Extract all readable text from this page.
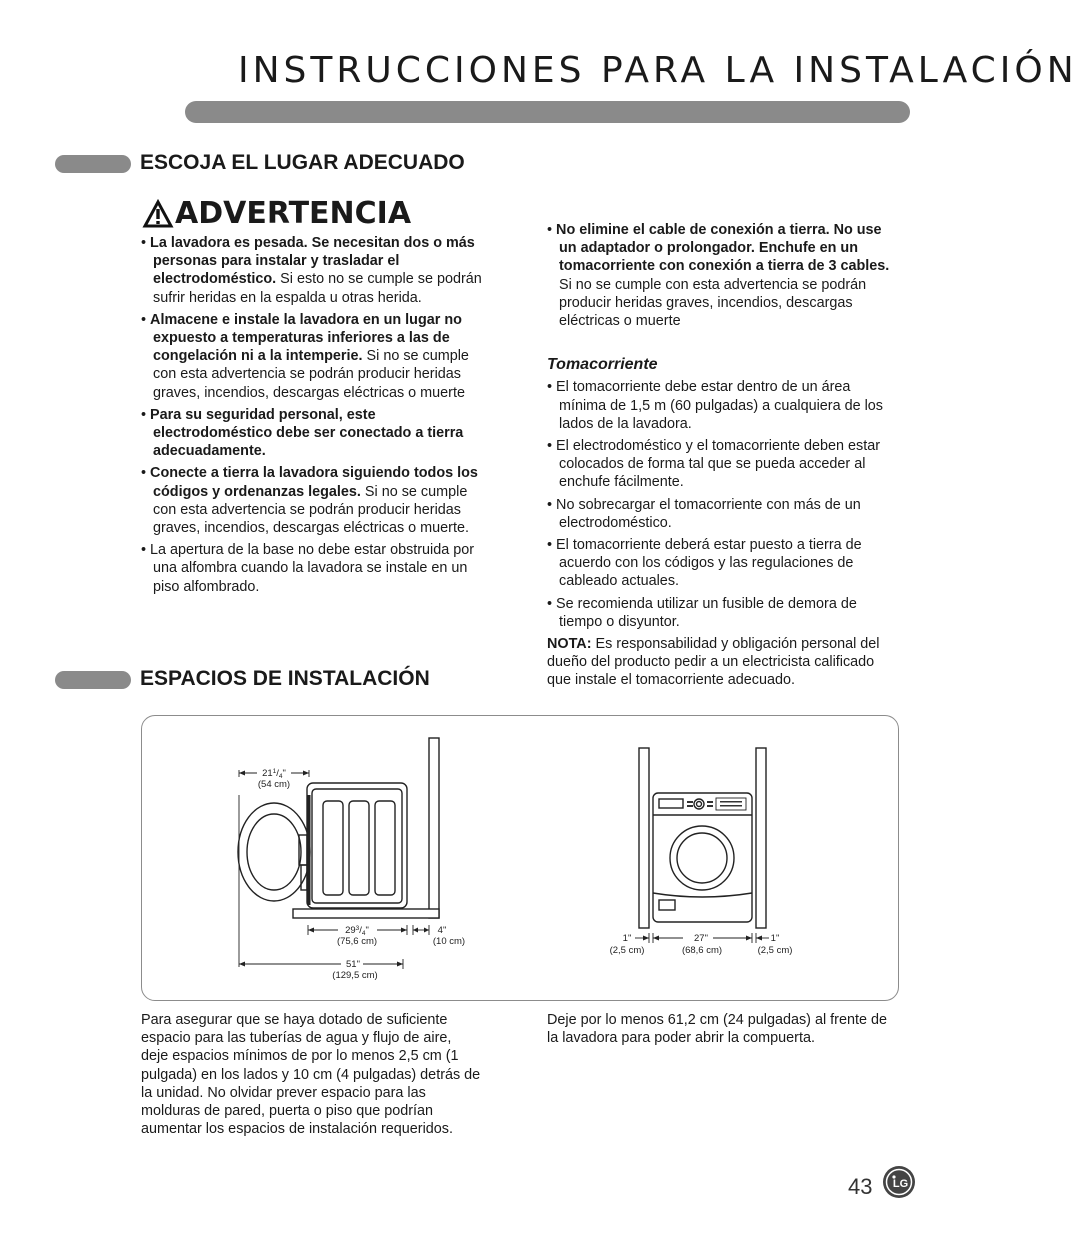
INSTRUCCIONES PARA LA INSTALACIÓN
ESCOJA EL LUGAR ADECUADO
ADVERTENCIA

• La lavadora es pesada. Se necesitan dos o más personas para instalar y trasladar el electrodoméstico. Si esto no se cumple se podrán sufrir heridas en la espalda u otras herida.

• Almacene e instale la lavadora en un lugar no expuesto a temperaturas inferiores a las de congelación ni a la intemperie. Si no se cumple con esta advertencia se podrán producir heridas graves, incendios, descargas eléctricas o muerte

• Para su seguridad personal, este electrodoméstico debe ser conectado a tierra adecuadamente.

• Conecte a tierra la lavadora siguiendo todos los códigos y ordenanzas legales. Si no se cumple con esta advertencia se podrán producir heridas graves, incendios, descargas eléctricas o muerte.

• La apertura de la base no debe estar obstruida por una alfombra cuando la lavadora se instale en un piso alfombrado.

• No elimine el cable de conexión a tierra. No use un adaptador o prolongador. Enchufe en un tomacorriente con conexión a tierra de 3 cables. Si no se cumple con esta advertencia se podrán producir heridas graves, incendios, descargas eléctricas o muerte

Tomacorriente

• El tomacorriente debe estar dentro de un área mínima de 1,5 m (60 pulgadas) a cualquiera de los lados de la lavadora.

• El electrodoméstico y el tomacorriente deben estar colocados de forma tal que se pueda acceder al enchufe fácilmente.

• No sobrecargar el tomacorriente con más de un electrodoméstico.

• El tomacorriente deberá estar puesto a tierra de acuerdo con los códigos y las regulaciones de cableado actuales.

• Se recomienda utilizar un fusible de demora de tiempo o disyuntor.

NOTA: Es responsabilidad y obligación personal del dueño del producto pedir a un electricista calificado que instale el tomacorriente adecuado.

ESPACIOS DE INSTALACIÓN
$21^1/_4$"
(54 cm)
$29^3/_4$"
(75,6 cm)
4"
(10 cm)
51"
(129,5 cm)
1"
(2,5 cm)
27"
(68,6 cm)
1"
(2,5 cm)
Para asegurar que se haya dotado de suficiente espacio para las tuberías de agua y flujo de aire, deje espacios mínimos de por lo menos 2,5 cm (1 pulgada) en los lados y 10 cm (4 pulgadas) detrás de la unidad. No olvidar prever espacio para las molduras de pared, puerta o piso que podrían aumentar los espacios de instalación requeridos.
Deje por lo menos 61,2 cm (24 pulgadas) al frente de la lavadora para poder abrir la compuerta.
43 LG
